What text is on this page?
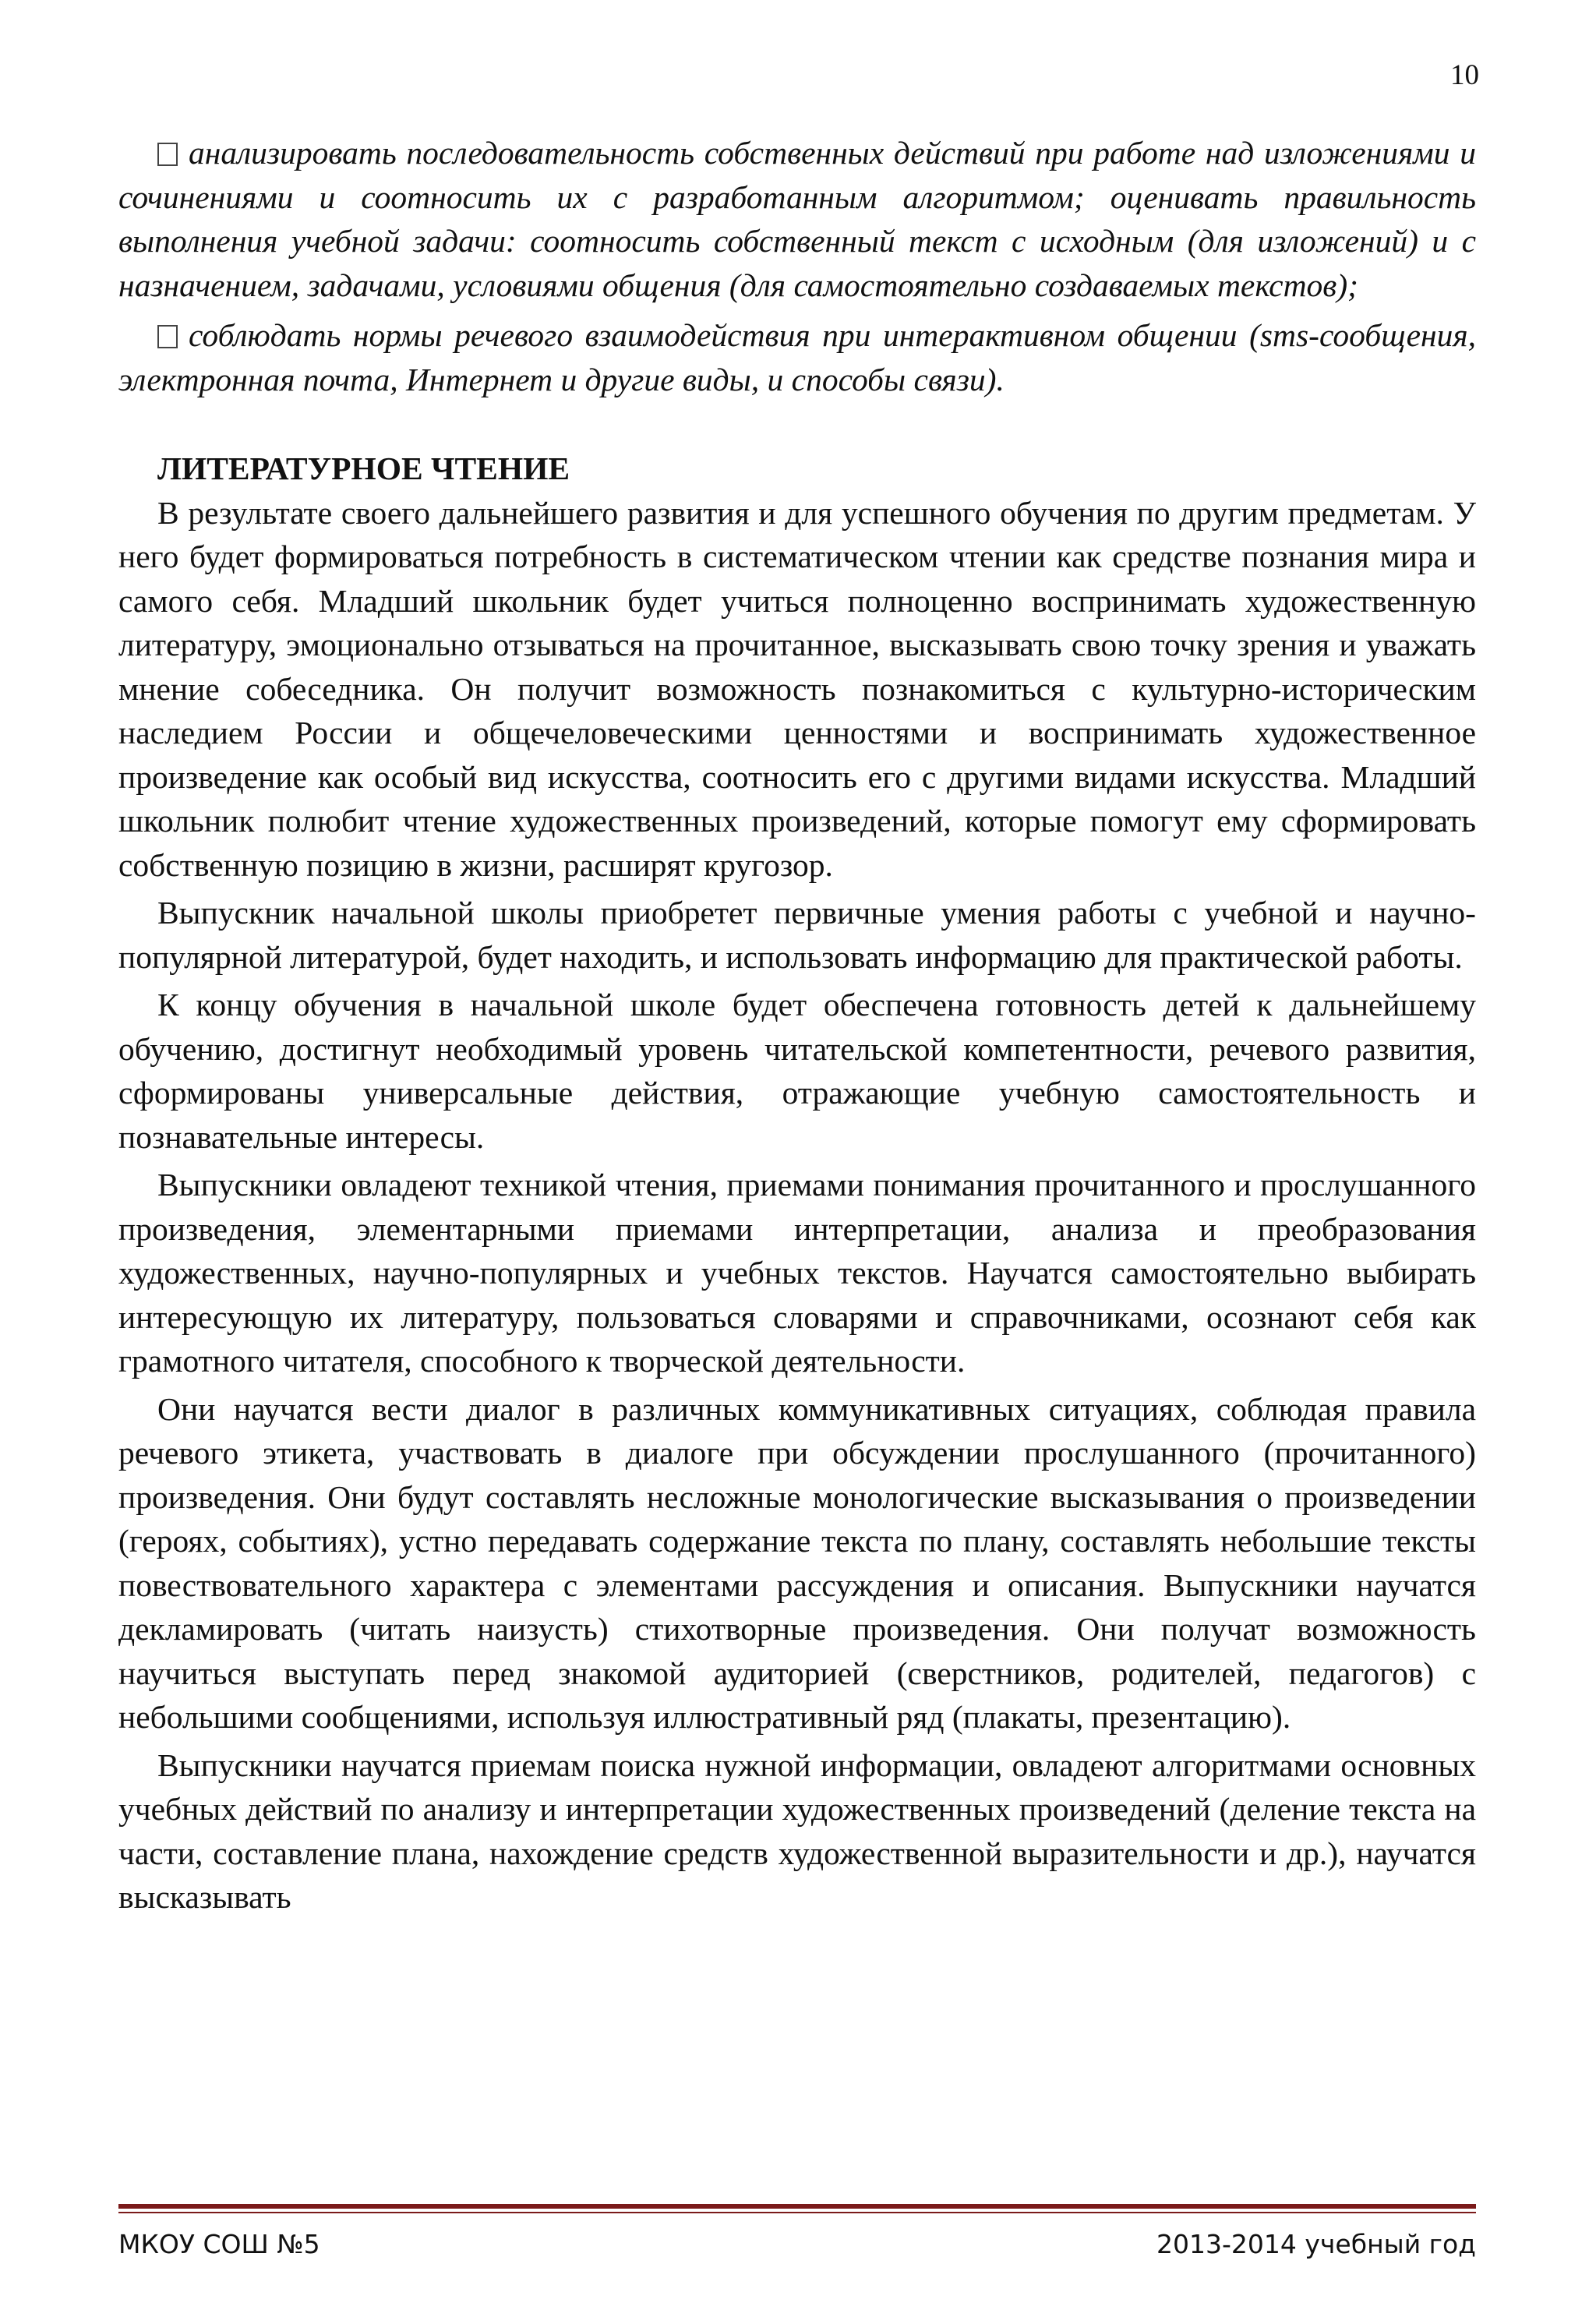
10

анализировать последовательность собственных действий при работе над изложениями и сочинениями и соотносить их с разработанным алгоритмом; оценивать правильность выполнения учебной задачи: соотносить собственный текст с исходным (для изложений) и с назначением, задачами, условиями общения (для самостоятельно создаваемых текстов);

соблюдать нормы речевого взаимодействия при интерактивном общении (sms-сообщения, электронная почта, Интернет и другие виды, и способы связи).

ЛИТЕРАТУРНОЕ ЧТЕНИЕ

В результате своего дальнейшего развития и для успешного обучения по другим предметам. У него будет формироваться потребность в систематическом чтении как средстве познания мира и самого себя. Младший школьник будет учиться полноценно воспринимать художественную литературу, эмоционально отзываться на прочитанное, высказывать свою точку зрения и уважать мнение собеседника. Он получит возможность познакомиться с культурно-историческим наследием России и общечеловеческими ценностями и воспринимать художественное произведение как особый вид искусства, соотносить его с другими видами искусства. Младший школьник полюбит чтение художественных произведений, которые помогут ему сформировать собственную позицию в жизни, расширят кругозор.

Выпускник начальной школы приобретет первичные умения работы с учебной и научно-популярной литературой, будет находить, и использовать информацию для практической работы.

К концу обучения в начальной школе будет обеспечена готовность детей к дальнейшему обучению, достигнут необходимый уровень читательской компетентности, речевого развития, сформированы универсальные действия, отражающие учебную самостоятельность и познавательные интересы.

Выпускники овладеют техникой чтения, приемами понимания прочитанного и прослушанного произведения, элементарными приемами интерпретации, анализа и преобразования художественных, научно-популярных и учебных текстов. Научатся самостоятельно выбирать интересующую их литературу, пользоваться словарями и справочниками, осознают себя как грамотного читателя, способного к творческой деятельности.

Они научатся вести диалог в различных коммуникативных ситуациях, соблюдая правила речевого этикета, участвовать в диалоге при обсуждении прослушанного (прочитанного) произведения. Они будут составлять несложные монологические высказывания о произведении (героях, событиях), устно передавать содержание текста по плану, составлять небольшие тексты повествовательного характера с элементами рассуждения и описания. Выпускники научатся декламировать (читать наизусть) стихотворные произведения. Они получат возможность научиться выступать перед знакомой аудиторией (сверстников, родителей, педагогов) с небольшими сообщениями, используя иллюстративный ряд (плакаты, презентацию).

Выпускники научатся приемам поиска нужной информации, овладеют алгоритмами основных учебных действий по анализу и интерпретации художественных произведений (деление текста на части, составление плана, нахождение средств художественной выразительности и др.), научатся высказывать

МКОУ СОШ №5	2013-2014 учебный год
